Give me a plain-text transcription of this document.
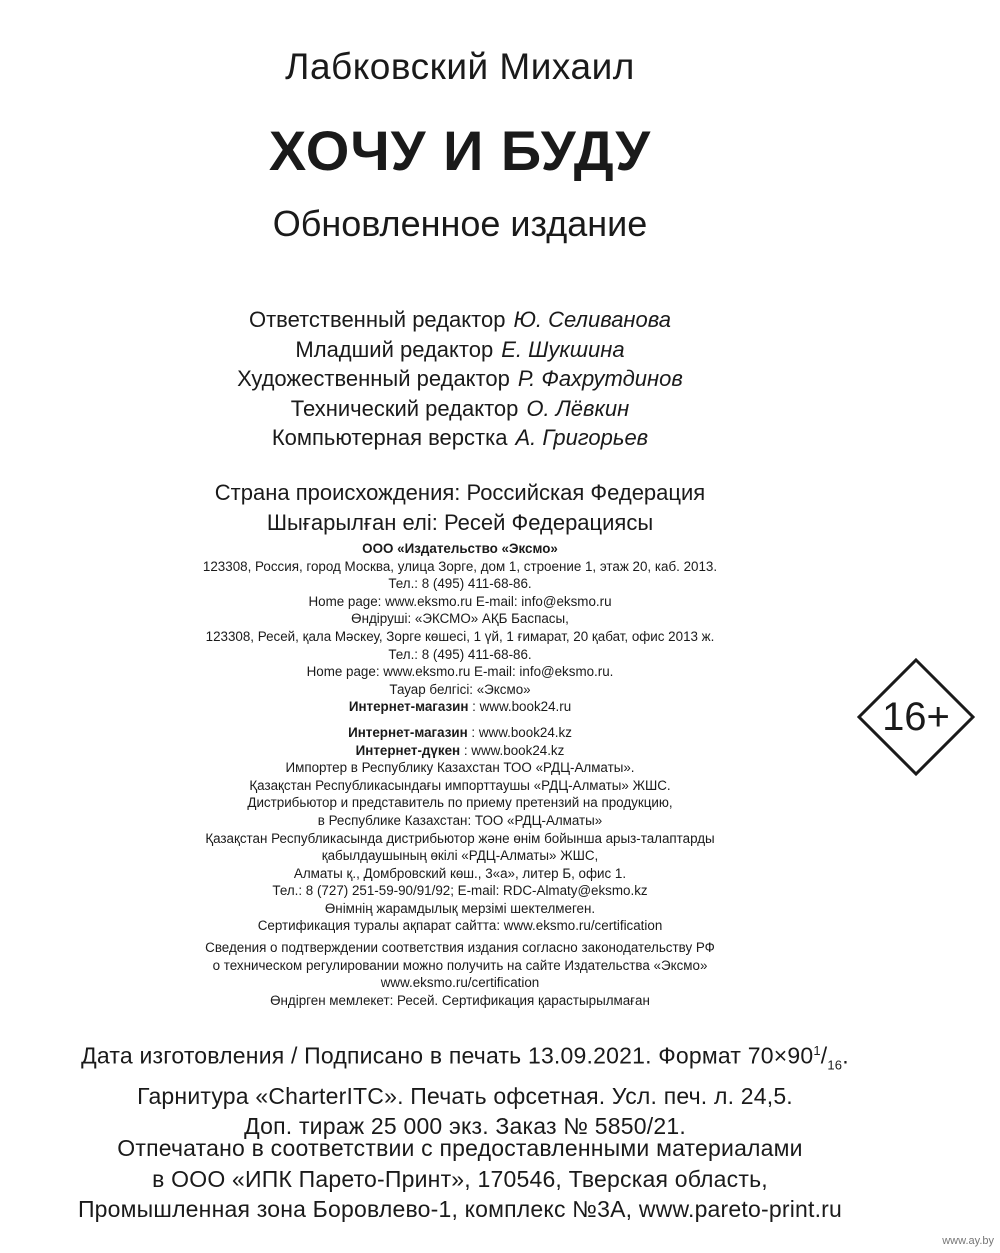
Лабковский Михаил
ХОЧУ И БУДУ
Обновленное издание
Ответственный редактор Ю. Селиванова
Младший редактор Е. Шукшина
Художественный редактор Р. Фахрутдинов
Технический редактор О. Лёвкин
Компьютерная верстка А. Григорьев
Страна происхождения: Российская Федерация
Шығарылған елі: Ресей Федерациясы
ООО «Издательство «Эксмо»
123308, Россия, город Москва, улица Зорге, дом 1, строение 1, этаж 20, каб. 2013.
Тел.: 8 (495) 411-68-86.
Home page: www.eksmo.ru E-mail: info@eksmo.ru
Өндіруші: «ЭКСМО» АҚБ Баспасы,
123308, Ресей, қала Мәскеу, Зорге көшесі, 1 үй, 1 ғимарат, 20 қабат, офис 2013 ж.
Тел.: 8 (495) 411-68-86.
Home page: www.eksmo.ru E-mail: info@eksmo.ru.
Тауар белгісі: «Эксмо»
Интернет-магазин : www.book24.ru
Интернет-магазин : www.book24.kz
Интернет-дүкен : www.book24.kz
Импортер в Республику Казахстан ТОО «РДЦ-Алматы».
Қазақстан Республикасындағы импорттаушы «РДЦ-Алматы» ЖШС.
Дистрибьютор и представитель по приему претензий на продукцию,
в Республике Казахстан: ТОО «РДЦ-Алматы»
Қазақстан Республикасында дистрибьютор және өнім бойынша арыз-талаптарды
қабылдаушының өкілі «РДЦ-Алматы» ЖШС,
Алматы қ., Домбровский көш., 3«а», литер Б, офис 1.
Тел.: 8 (727) 251-59-90/91/92; E-mail: RDC-Almaty@eksmo.kz
Өнімнің жарамдылық мерзімі шектелмеген.
Сертификация туралы ақпарат сайтта: www.eksmo.ru/certification
Сведения о подтверждении соответствия издания согласно законодательству РФ
о техническом регулировании можно получить на сайте Издательства «Эксмо»
www.eksmo.ru/certification
Өндірген мемлекет: Ресей. Сертификация қарастырылмаған
Дата изготовления / Подписано в печать 13.09.2021. Формат $70\times 90^1/_{16}$.
Гарнитура «CharterITC». Печать офсетная. Усл. печ. л. 24,5.
Доп. тираж 25 000 экз. Заказ № 5850/21.
Отпечатано в соответствии с предоставленными материалами
в ООО «ИПК Парето-Принт», 170546, Тверская область,
Промышленная зона Боровлево-1, комплекс №3А, www.pareto-print.ru
16+
www.ay.by
